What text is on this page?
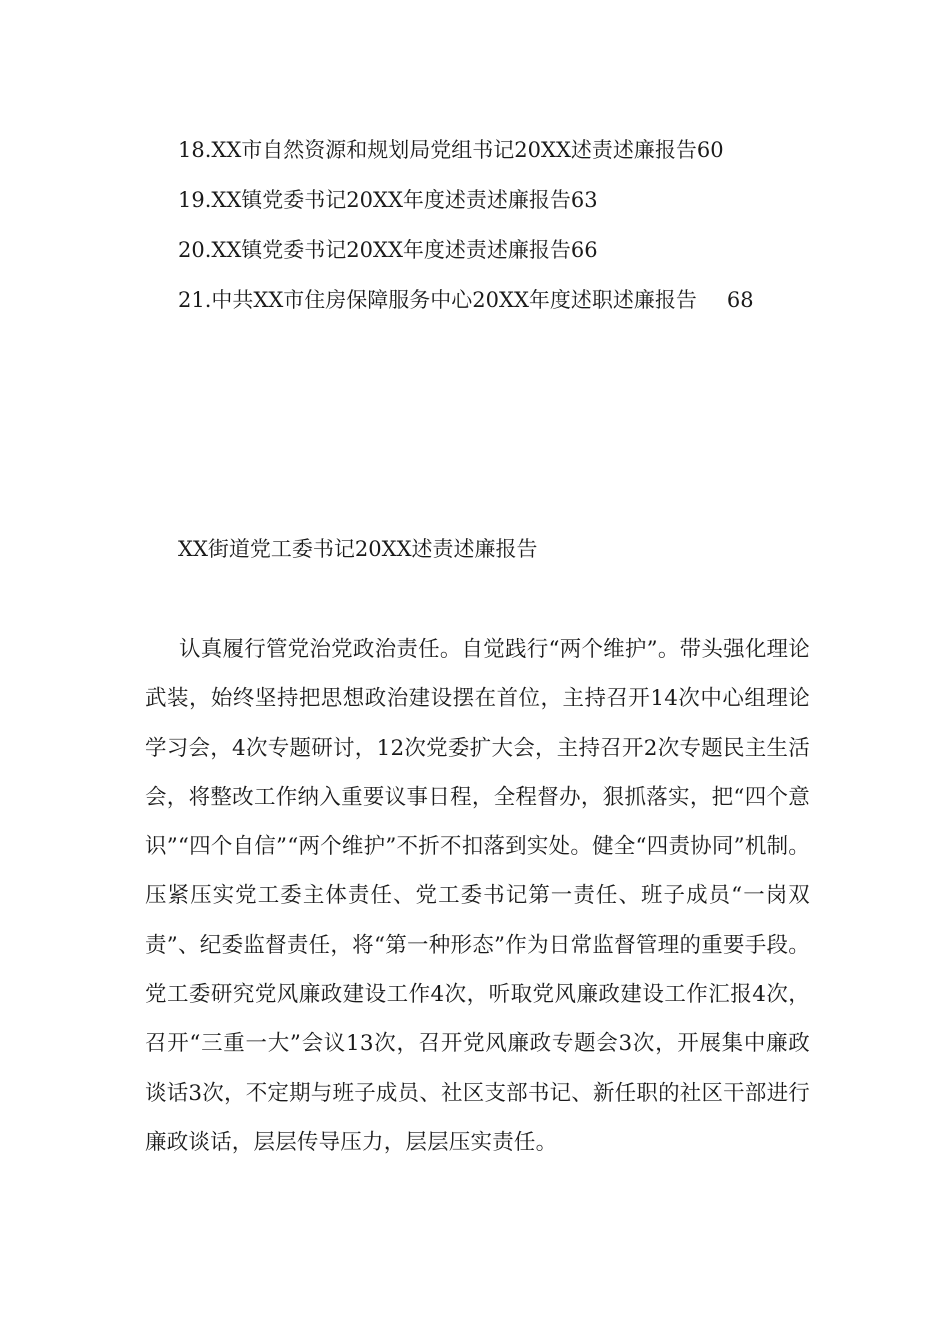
18.XX市自然资源和规划局党组书记20XX述责述廉报告 60
19.XX镇党委书记20XX年度述责述廉报告 63
20.XX镇党委书记20XX年度述责述廉报告 66
21.中共XX市住房保障服务中心20XX年度述职述廉报告 68
XX街道党工委书记20XX述责述廉报告

认真履行管党治党政治责任。自觉践行“两个维护”。带头强化理论武装，始终坚持把思想政治建设摆在首位，主持召开14次中心组理论学习会，4次专题研讨，12次党委扩大会，主持召开2次专题民主生活会，将整改工作纳入重要议事日程，全程督办，狠抓落实，把“四个意识”“四个自信”“两个维护”不折不扣落到实处。健全“四责协同”机制。压紧压实党工委主体责任、党工委书记第一责任、班子成员“一岗双责”、纪委监督责任，将“第一种形态”作为日常监督管理的重要手段。党工委研究党风廉政建设工作4次，听取党风廉政建设工作汇报4次，召开“三重一大”会议13次，召开党风廉政专题会3次，开展集中廉政谈话3次，不定期与班子成员、社区支部书记、新任职的社区干部进行廉政谈话，层层传导压力，层层压实责任。
